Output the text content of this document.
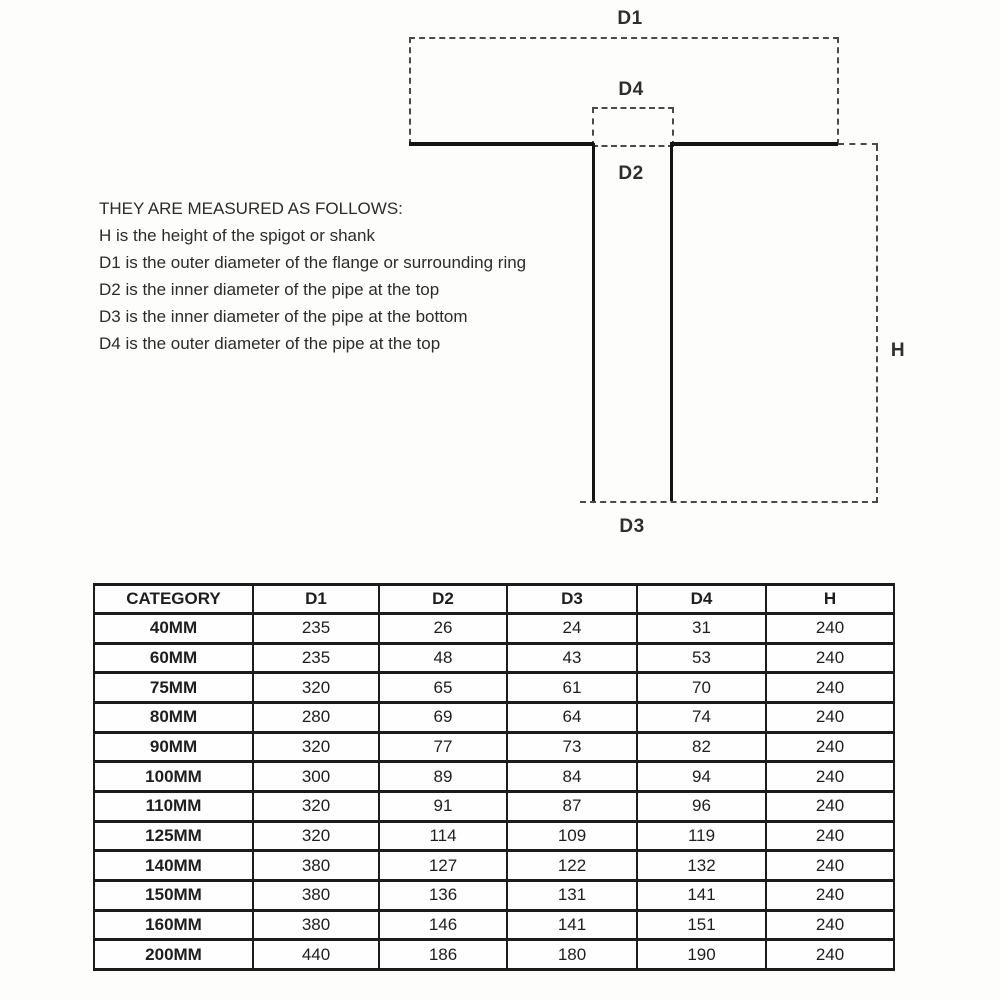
D1
D4
D2
D3
H
THEY ARE MEASURED AS FOLLOWS:
H is the height of the spigot or shank
D1 is the outer diameter of the flange or surrounding ring
D2 is the inner diameter of the pipe at the top
D3 is the inner diameter of the pipe at the bottom
D4 is the outer diameter of the pipe at the top
CATEGORY	D1	D2	D3	D4	H
40MM	235	26	24	31	240
60MM	235	48	43	53	240
75MM	320	65	61	70	240
80MM	280	69	64	74	240
90MM	320	77	73	82	240
100MM	300	89	84	94	240
110MM	320	91	87	96	240
125MM	320	114	109	119	240
140MM	380	127	122	132	240
150MM	380	136	131	141	240
160MM	380	146	141	151	240
200MM	440	186	180	190	240
